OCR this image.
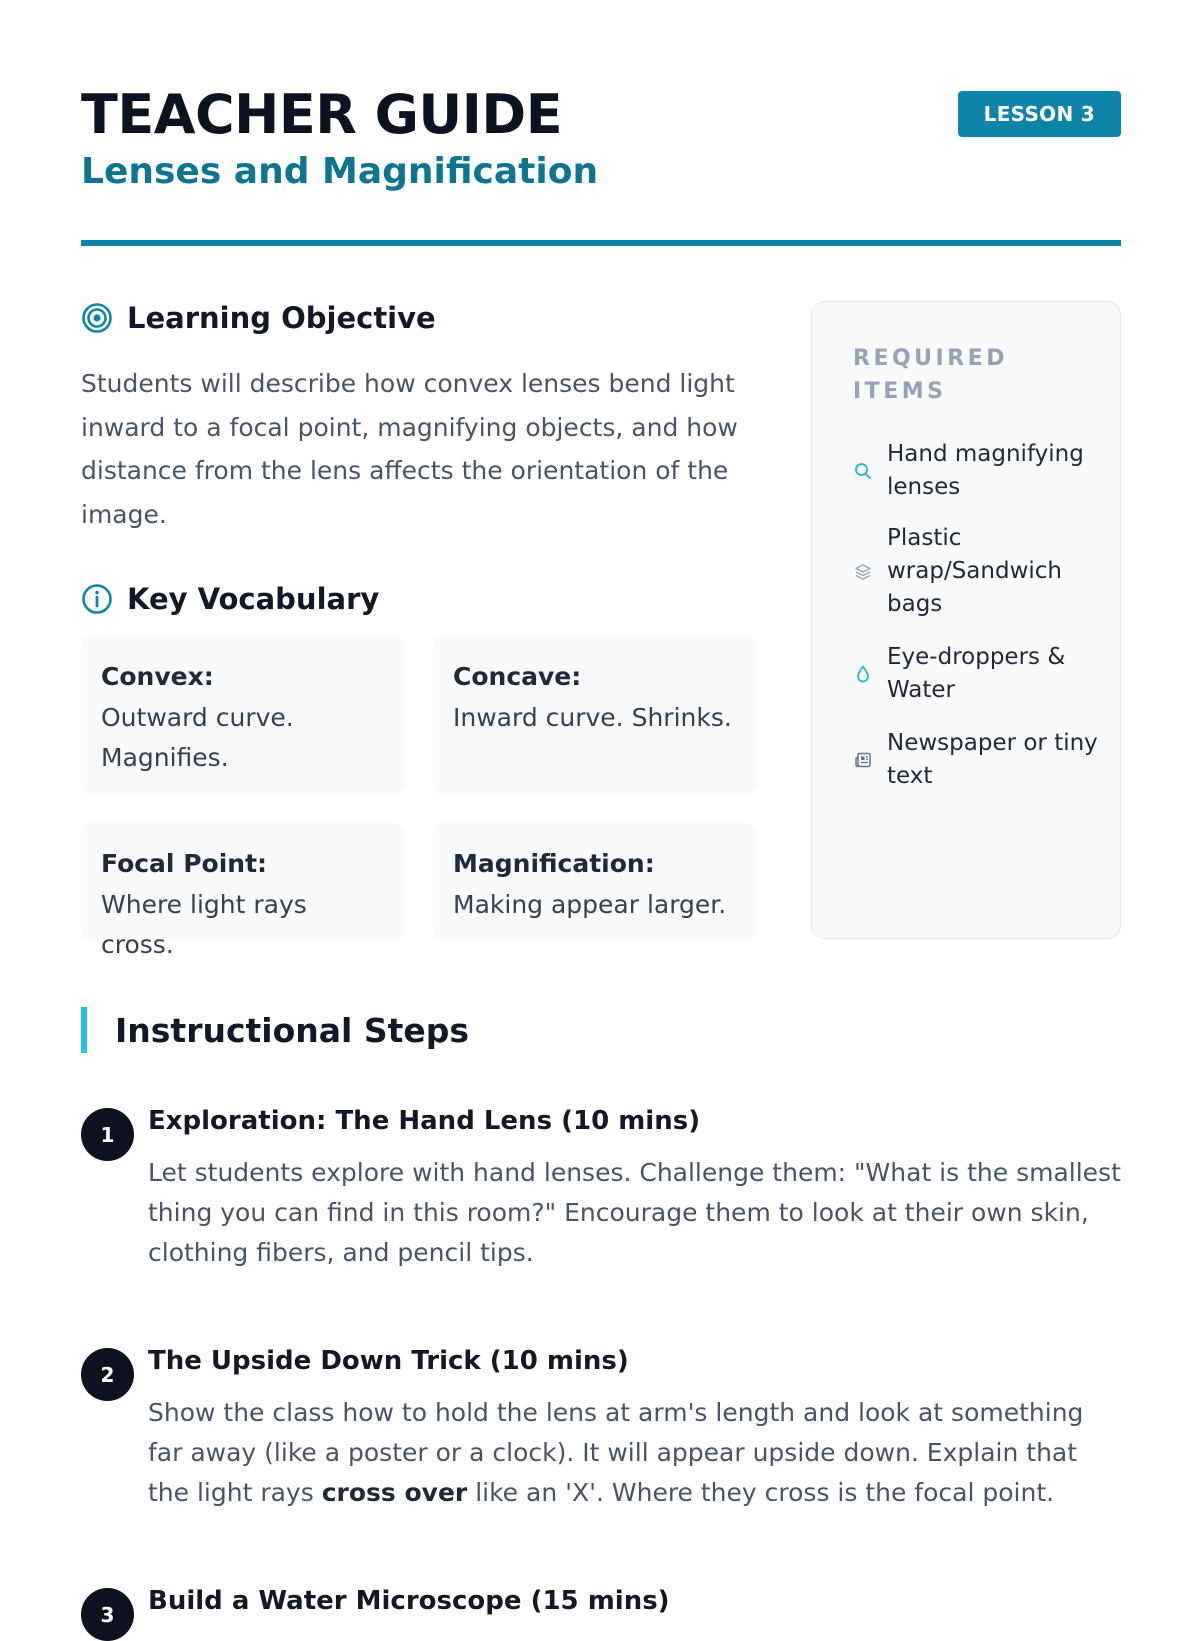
TEACHER GUIDE
Lenses and Magnification
LESSON 3
Learning Objective

Students will describe how convex lenses bend light inward to a focal point, magnifying objects, and how distance from the lens affects the orientation of the image.

Key Vocabulary
Convex:
Outward curve. Magnifies.
Concave:
Inward curve. Shrinks.
Focal Point:
Where light rays cross.
Magnification:
Making appear larger.
REQUIRED ITEMS
Hand magnifying lenses
Plastic wrap/Sandwich bags
Eye-droppers & Water
Newspaper or tiny text
Instructional Steps
1	Exploration: The Hand Lens (10 mins)

Let students explore with hand lenses. Challenge them: "What is the smallest thing you can find in this room?" Encourage them to look at their own skin, clothing fibers, and pencil tips.

2	The Upside Down Trick (10 mins)

Show the class how to hold the lens at arm's length and look at something far away (like a poster or a clock). It will appear upside down. Explain that the light rays cross over like an 'X'. Where they cross is the focal point.

3	Build a Water Microscope (15 mins)
